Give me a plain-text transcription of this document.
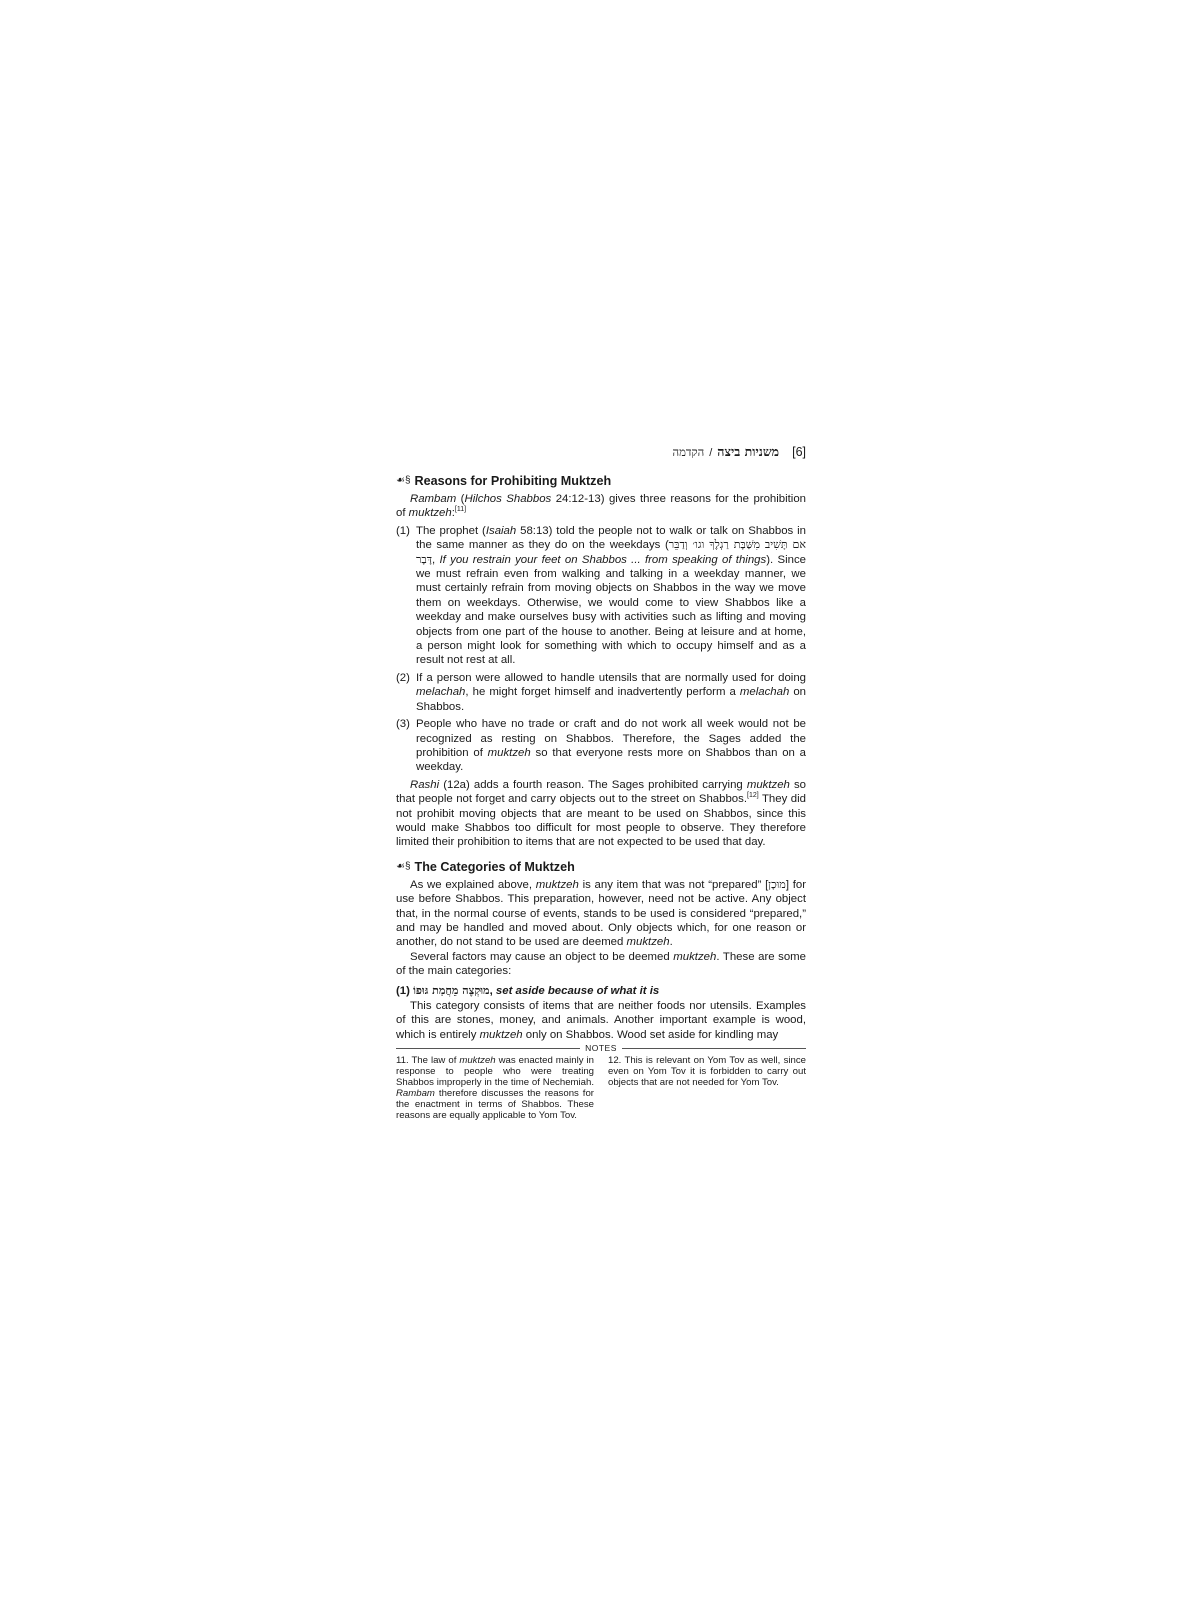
הקדמה / משניות ביצה [6]
☙§ Reasons for Prohibiting Muktzeh

Rambam (Hilchos Shabbos 24:12-13) gives three reasons for the prohibition of muktzeh:[11]

(1) The prophet (Isaiah 58:13) told the people not to walk or talk on Shabbos in the same manner as they do on the weekdays (אם תָּשִׁיב מִשַּׁבָּת רַגְלֶךָ וגו׳ וְדַבֵּר דָּבָר, If you restrain your feet on Shabbos ... from speaking of things). Since we must refrain even from walking and talking in a weekday manner, we must certainly refrain from moving objects on Shabbos in the way we move them on weekdays. Otherwise, we would come to view Shabbos like a weekday and make ourselves busy with activities such as lifting and moving objects from one part of the house to another. Being at leisure and at home, a person might look for something with which to occupy himself and as a result not rest at all.
(2) If a person were allowed to handle utensils that are normally used for doing melachah, he might forget himself and inadvertently perform a melachah on Shabbos.
(3) People who have no trade or craft and do not work all week would not be recognized as resting on Shabbos. Therefore, the Sages added the prohibition of muktzeh so that everyone rests more on Shabbos than on a weekday.

Rashi (12a) adds a fourth reason. The Sages prohibited carrying muktzeh so that people not forget and carry objects out to the street on Shabbos.[12] They did not prohibit moving objects that are meant to be used on Shabbos, since this would make Shabbos too difficult for most people to observe. They therefore limited their prohibition to items that are not expected to be used that day.

☙§ The Categories of Muktzeh

As we explained above, muktzeh is any item that was not “prepared” [מוּכָן] for use before Shabbos. This preparation, however, need not be active. Any object that, in the normal course of events, stands to be used is considered “prepared,” and may be handled and moved about. Only objects which, for one reason or another, do not stand to be used are deemed muktzeh.

Several factors may cause an object to be deemed muktzeh. These are some of the main categories:

(1) מוּקְצֶה מֵחֲמַת גּוּפוֹ, set aside because of what it is

This category consists of items that are neither foods nor utensils. Examples of this are stones, money, and animals. Another important example is wood, which is entirely muktzeh only on Shabbos. Wood set aside for kindling may

NOTES

11. The law of muktzeh was enacted mainly in response to people who were treating Shabbos improperly in the time of Nechemiah. Rambam therefore discusses the reasons for the enactment in terms of Shabbos. These reasons are equally applicable to Yom Tov.

12. This is relevant on Yom Tov as well, since even on Yom Tov it is forbidden to carry out objects that are not needed for Yom Tov.
